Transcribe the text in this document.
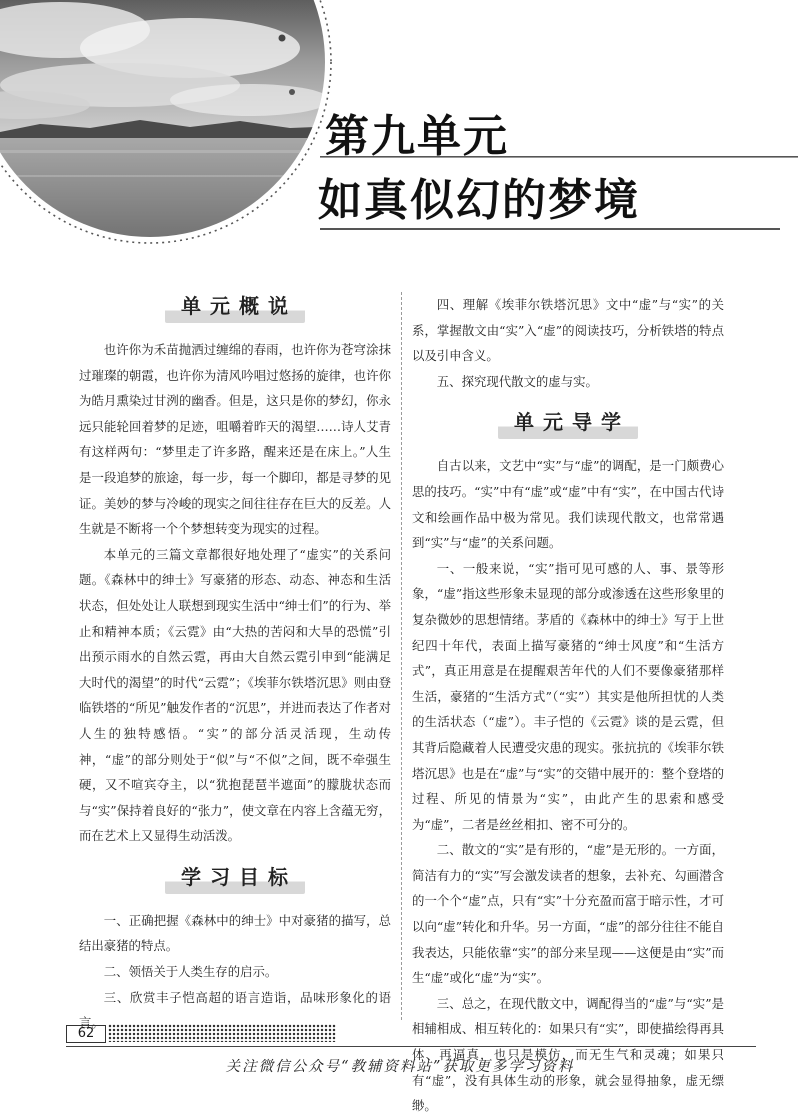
第九单元
如真似幻的梦境
单元概说

也许你为禾苗抛洒过缠绵的春雨，也许你为苍穹涂抹过璀璨的朝霞，也许你为清风吟唱过悠扬的旋律，也许你为皓月熏染过甘洌的幽香。但是，这只是你的梦幻，你永远只能轮回着梦的足迹，咀嚼着昨天的渴望……诗人艾青有这样两句：“梦里走了许多路，醒来还是在床上。”人生是一段追梦的旅途，每一步，每一个脚印，都是寻梦的见证。美妙的梦与冷峻的现实之间往往存在巨大的反差。人生就是不断将一个个梦想转变为现实的过程。

本单元的三篇文章都很好地处理了“虚实”的关系问题。《森林中的绅士》写豪猪的形态、动态、神态和生活状态，但处处让人联想到现实生活中“绅士们”的行为、举止和精神本质；《云霓》由“大热的苦闷和大旱的恐慌”引出预示雨水的自然云霓，再由大自然云霓引申到“能满足大时代的渴望”的时代“云霓”；《埃菲尔铁塔沉思》则由登临铁塔的“所见”触发作者的“沉思”，并进而表达了作者对人生的独特感悟。“实”的部分活灵活现，生动传神，“虚”的部分则处于“似”与“不似”之间，既不牵强生硬，又不喧宾夺主，以“犹抱琵琶半遮面”的朦胧状态而与“实”保持着良好的“张力”，使文章在内容上含蕴无穷，而在艺术上又显得生动活泼。

学习目标

一、正确把握《森林中的绅士》中对豪猪的描写，总结出豪猪的特点。

二、领悟关于人类生存的启示。

三、欣赏丰子恺高超的语言造诣，品味形象化的语言。

四、理解《埃菲尔铁塔沉思》文中“虚”与“实”的关系，掌握散文由“实”入“虚”的阅读技巧，分析铁塔的特点以及引申含义。

五、探究现代散文的虚与实。

单元导学

自古以来，文艺中“实”与“虚”的调配，是一门颇费心思的技巧。“实”中有“虚”或“虚”中有“实”，在中国古代诗文和绘画作品中极为常见。我们读现代散文，也常常遇到“实”与“虚”的关系问题。

一、一般来说，“实”指可见可感的人、事、景等形象，“虚”指这些形象未显现的部分或渗透在这些形象里的复杂微妙的思想情绪。茅盾的《森林中的绅士》写于上世纪四十年代，表面上描写豪猪的“绅士风度”和“生活方式”，真正用意是在提醒艰苦年代的人们不要像豪猪那样生活，豪猪的“生活方式”（“实”）其实是他所担忧的人类的生活状态（“虚”）。丰子恺的《云霓》谈的是云霓，但其背后隐藏着人民遭受灾患的现实。张抗抗的《埃菲尔铁塔沉思》也是在“虚”与“实”的交错中展开的：整个登塔的过程、所见的情景为“实”，由此产生的思索和感受为“虚”，二者是丝丝相扣、密不可分的。

二、散文的“实”是有形的，“虚”是无形的。一方面，简洁有力的“实”写会激发读者的想象，去补充、勾画潜含的一个个“虚”点，只有“实”十分充盈而富于暗示性，才可以向“虚”转化和升华。另一方面，“虚”的部分往往不能自我表达，只能依靠“实”的部分来呈现——这便是由“实”而生“虚”或化“虚”为“实”。

三、总之，在现代散文中，调配得当的“虚”与“实”是相辅相成、相互转化的：如果只有“实”，即使描绘得再具体、再逼真，也只是模仿，而无生气和灵魂；如果只有“虚”，没有具体生动的形象，就会显得抽象，虚无缥缈。

62
关注微信公众号“教辅资料站”获取更多学习资料
